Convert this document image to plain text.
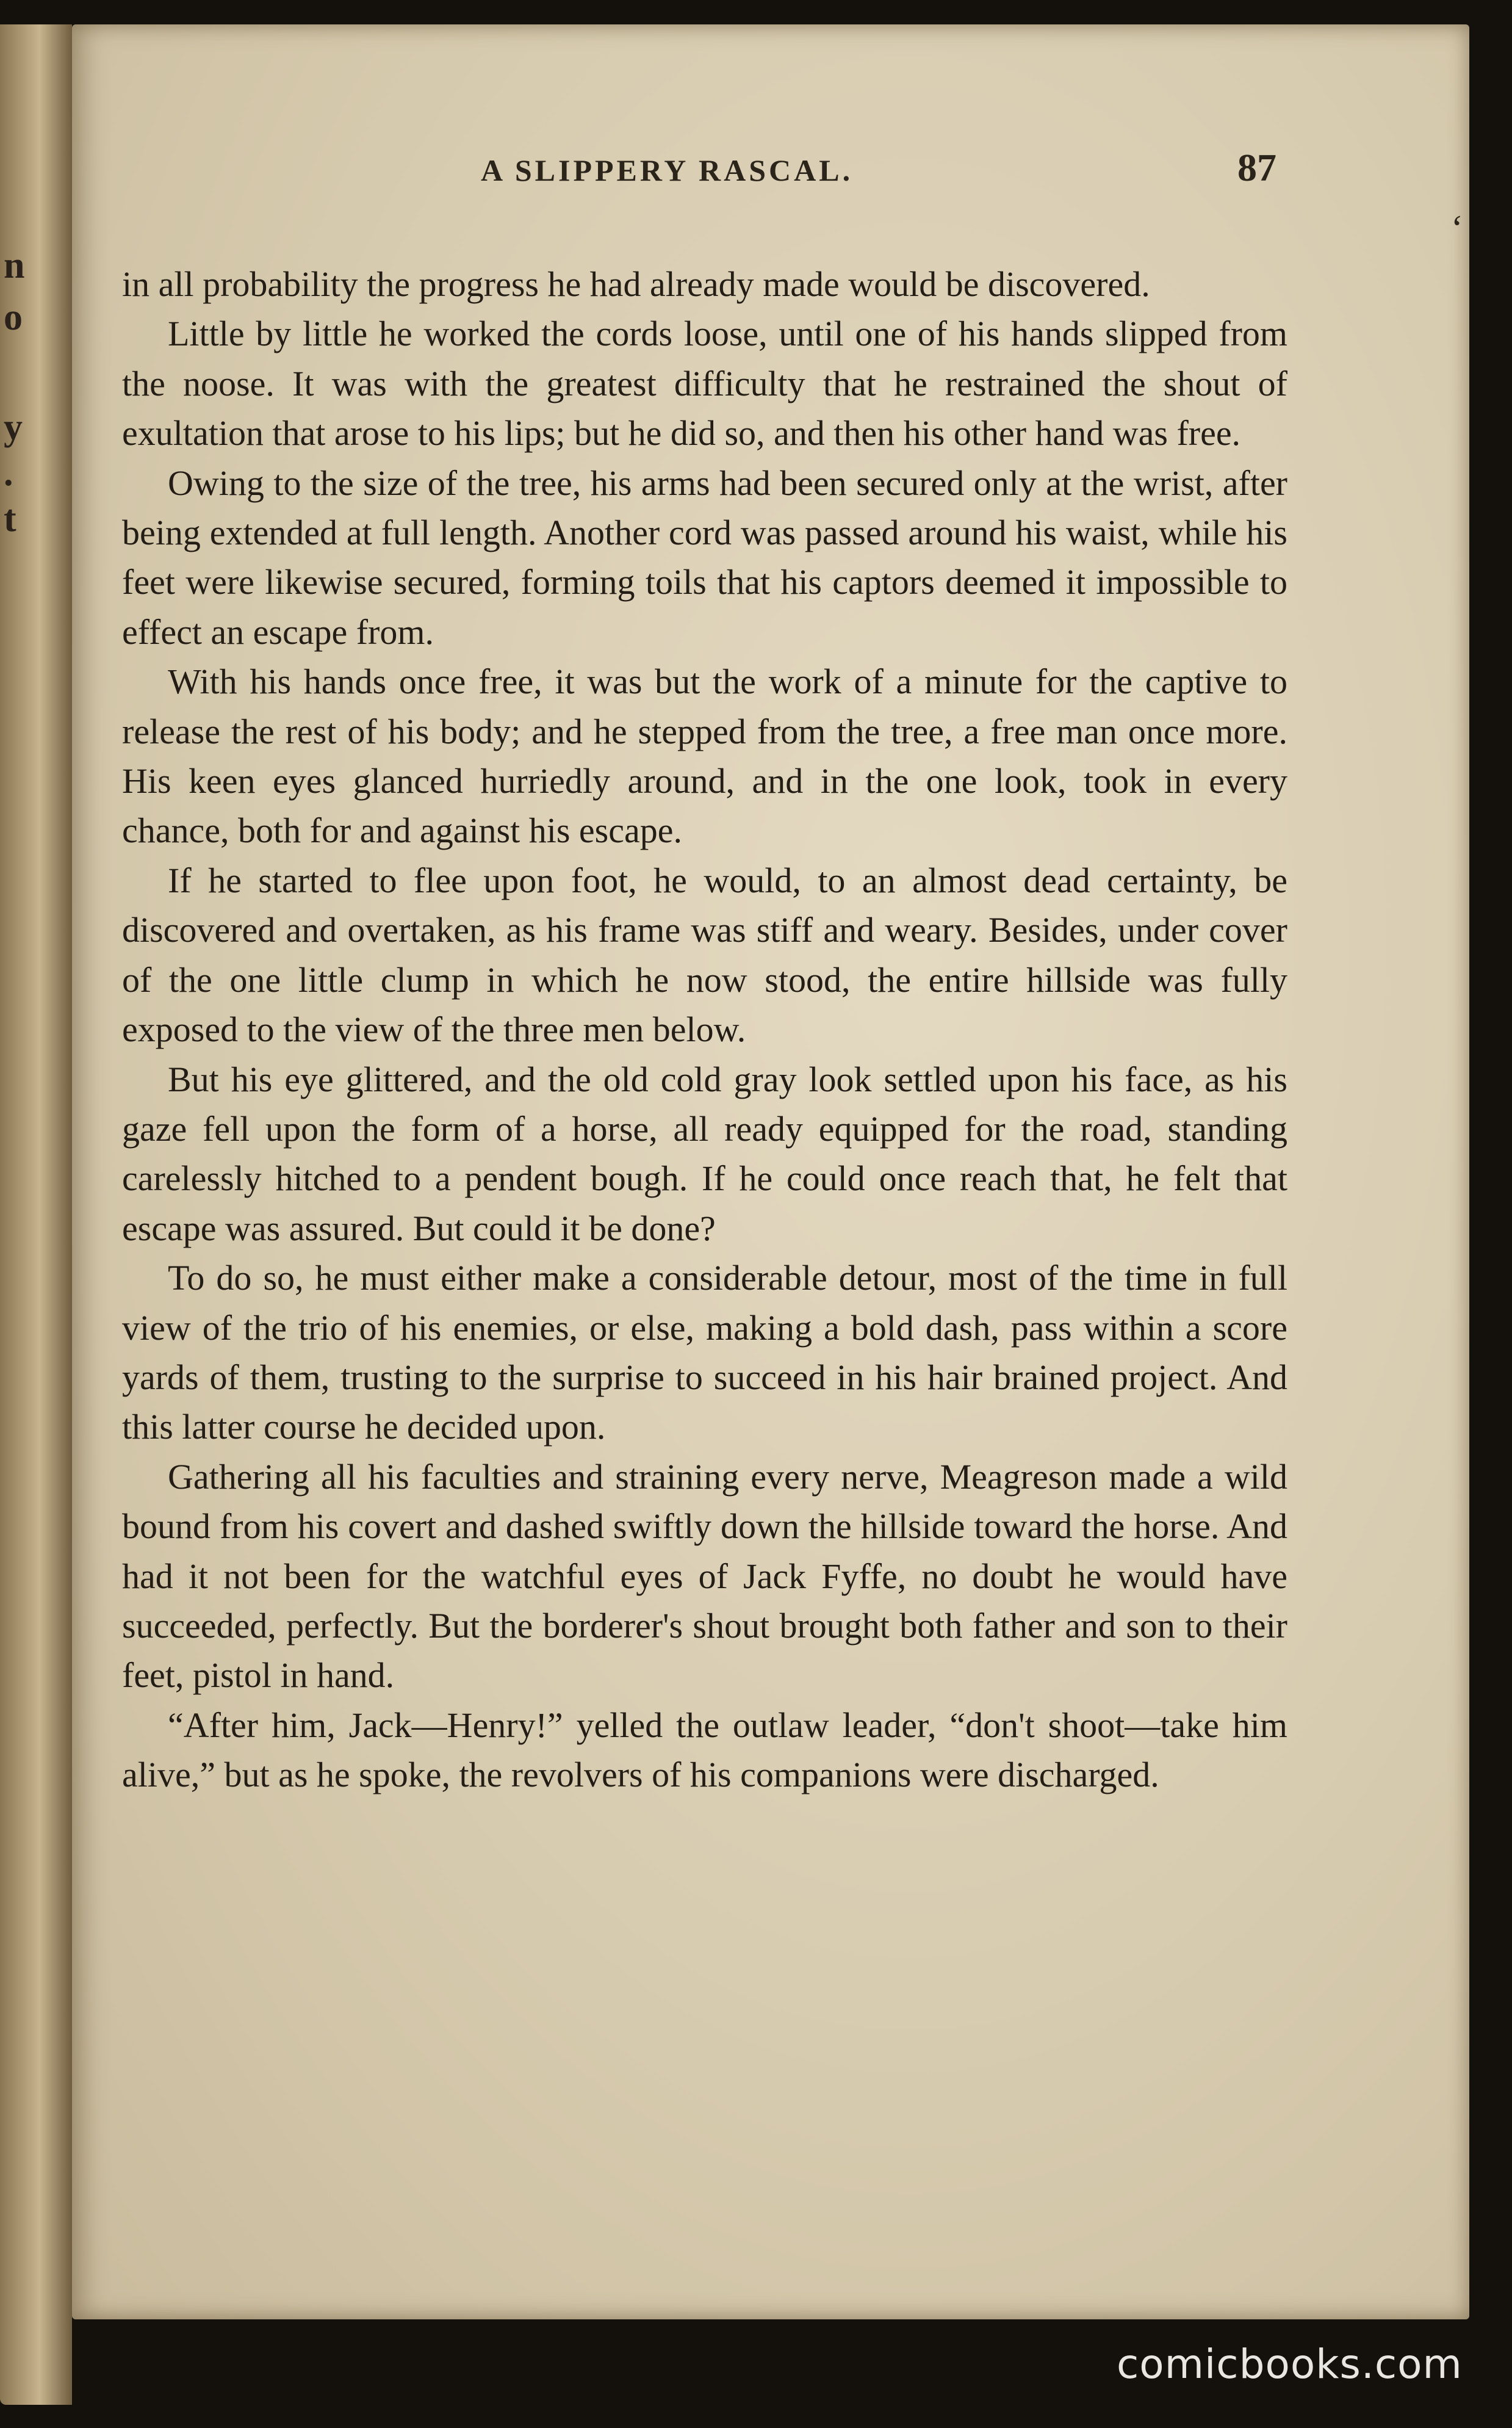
n
o
y
.
t
A SLIPPERY RASCAL.	87

in all probability the progress he had already made would be discovered.

Little by little he worked the cords loose, until one of his hands slipped from the noose. It was with the greatest difficulty that he restrained the shout of exultation that arose to his lips; but he did so, and then his other hand was free.

Owing to the size of the tree, his arms had been secured only at the wrist, after being extended at full length. Another cord was passed around his waist, while his feet were likewise secured, forming toils that his captors deemed it impossible to effect an escape from.

With his hands once free, it was but the work of a minute for the captive to release the rest of his body; and he stepped from the tree, a free man once more. His keen eyes glanced hurriedly around, and in the one look, took in every chance, both for and against his escape.

If he started to flee upon foot, he would, to an almost dead certainty, be discovered and overtaken, as his frame was stiff and weary. Besides, under cover of the one little clump in which he now stood, the entire hillside was fully exposed to the view of the three men below.

But his eye glittered, and the old cold gray look settled upon his face, as his gaze fell upon the form of a horse, all ready equipped for the road, standing carelessly hitched to a pendent bough. If he could once reach that, he felt that escape was assured. But could it be done?

To do so, he must either make a considerable detour, most of the time in full view of the trio of his enemies, or else, making a bold dash, pass within a score yards of them, trusting to the surprise to succeed in his hair brained project. And this latter course he decided upon.

Gathering all his faculties and straining every nerve, Meagreson made a wild bound from his covert and dashed swiftly down the hillside toward the horse. And had it not been for the watchful eyes of Jack Fyffe, no doubt he would have succeeded, perfectly. But the borderer's shout brought both father and son to their feet, pistol in hand.

“After him, Jack—Henry!” yelled the outlaw leader, “don't shoot—take him alive,” but as he spoke, the revolvers of his companions were discharged.

‘
comicbooks.com
